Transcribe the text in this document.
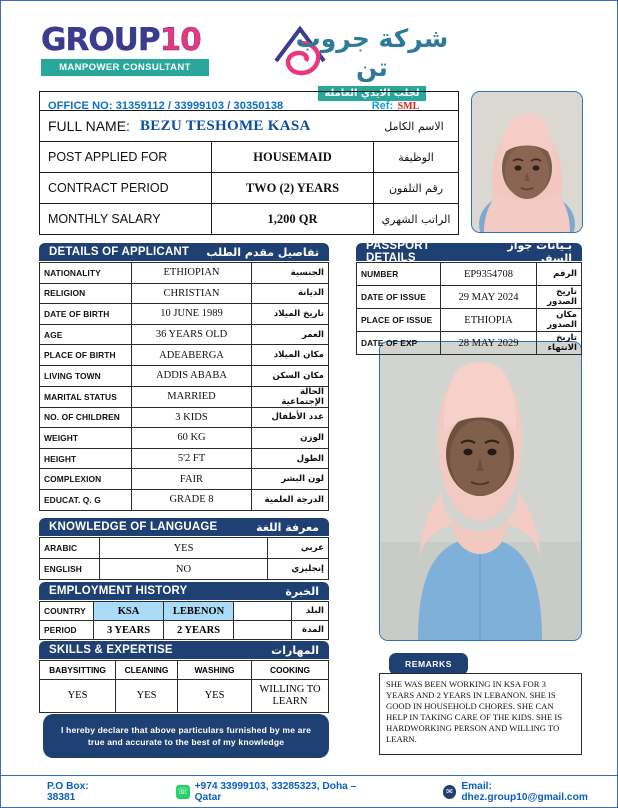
GROUP10
MANPOWER CONSULTANT
شركة جروب تن
لجلب الايدي العاملة
OFFICE NO: 31359112 / 33999103 / 30350138	Ref: SML
FULL NAME: BEZU TESHOME KASA	الاسم الكامل
POST APPLIED FOR	HOUSEMAID	الوظيفة
CONTRACT PERIOD	TWO (2) YEARS	رقم التلفون
MONTHLY SALARY	1,200 QR	الراتب الشهري
DETAILS OF APPLICANT تفاصيل مقدم الطلب
NATIONALITY	ETHIOPIAN	الجنسية
RELIGION	CHRISTIAN	الديانة
DATE OF BIRTH	10 JUNE 1989	تاريخ الميلاد
AGE	36 YEARS OLD	العمر
PLACE OF BIRTH	ADEABERGA	مكان الميلاد
LIVING TOWN	ADDIS ABABA	مكان السكن
MARITAL STATUS	MARRIED	الحالة الإجتماعية
NO. OF CHILDREN	3 KIDS	عدد الأطفال
WEIGHT	60 KG	الوزن
HEIGHT	5'2 FT	الطول
COMPLEXION	FAIR	لون البشر
EDUCAT. Q. G	GRADE 8	الدرجة العلمية
PASSPORT DETAILS
بـيانات جواز السفر
NUMBER	EP9354708	الرقم
DATE OF ISSUE	29 MAY 2024	تاريخ الصدور
PLACE OF ISSUE	ETHIOPIA	مكان الصدور
DATE OF EXP	28 MAY 2029	تاريخ الانتهاء
KNOWLEDGE OF LANGUAGE	معرفة اللغة
ARABIC	YES	عربي
ENGLISH	NO	إنجليزي
EMPLOYMENT HISTORY	الخبرة
COUNTRY	KSA	LEBENON		البلد
PERIOD	3 YEARS	2 YEARS		المدة
SKILLS & EXPERTISE	المهارات
BABYSITTING	CLEANING	WASHING	COOKING
YES	YES	YES	WILLING TO LEARN
I hereby declare that above particulars furnished by me are true and accurate to the best of my knowledge
REMARKS
SHE WAS BEEN WORKING IN KSA FOR 3 YEARS AND 2 YEARS IN LEBANON. SHE IS GOOD IN HOUSEHOLD CHORES. SHE CAN HELP IN TAKING CARE OF THE KIDS. SHE IS HARDWORKING PERSON AND WILLING TO LEARN.
P.O Box: 38381	☏ +974 33999103, 33285323, Doha – Qatar	✉ Email: dhez.group10@gmail.com
